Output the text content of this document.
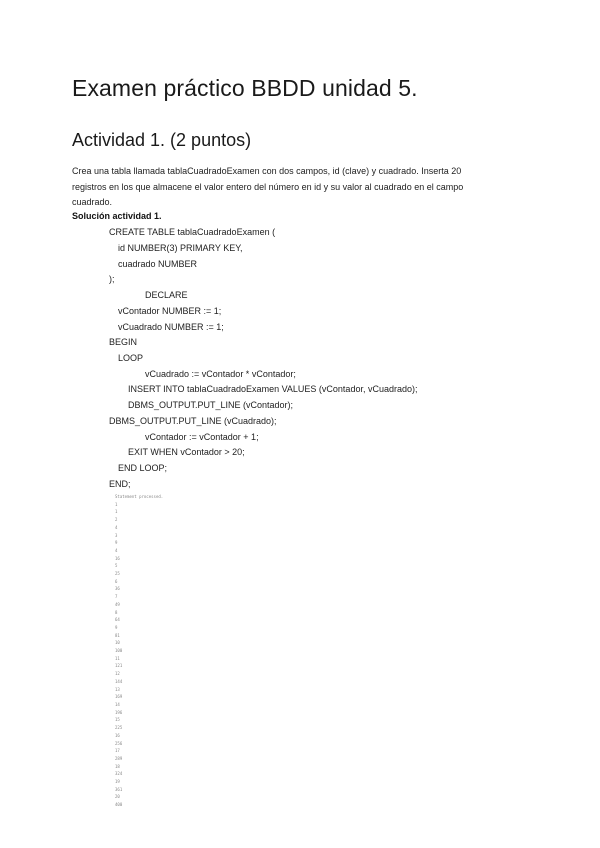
Examen práctico BBDD unidad 5.
Actividad 1. (2 puntos)
Crea una tabla llamada tablaCuadradoExamen con dos campos, id (clave) y cuadrado. Inserta 20
registros en los que almacene el valor entero del número en id y su valor al cuadrado en el campo
cuadrado.
Solución actividad 1.
CREATE TABLE tablaCuadradoExamen (
id NUMBER(3) PRIMARY KEY,
cuadrado NUMBER
);
DECLARE
vContador NUMBER := 1;
vCuadrado NUMBER := 1;
BEGIN
LOOP
vCuadrado := vContador * vContador;
INSERT INTO tablaCuadradoExamen VALUES (vContador, vCuadrado);
DBMS_OUTPUT.PUT_LINE (vContador);
DBMS_OUTPUT.PUT_LINE (vCuadrado);
vContador := vContador + 1;
EXIT WHEN vContador > 20;
END LOOP;
END;
Statement processed.
1
1
2
4
3
9
4
16
5
25
6
36
7
49
8
64
9
81
10
100
11
121
12
144
13
169
14
196
15
225
16
256
17
289
18
324
19
361
20
400
